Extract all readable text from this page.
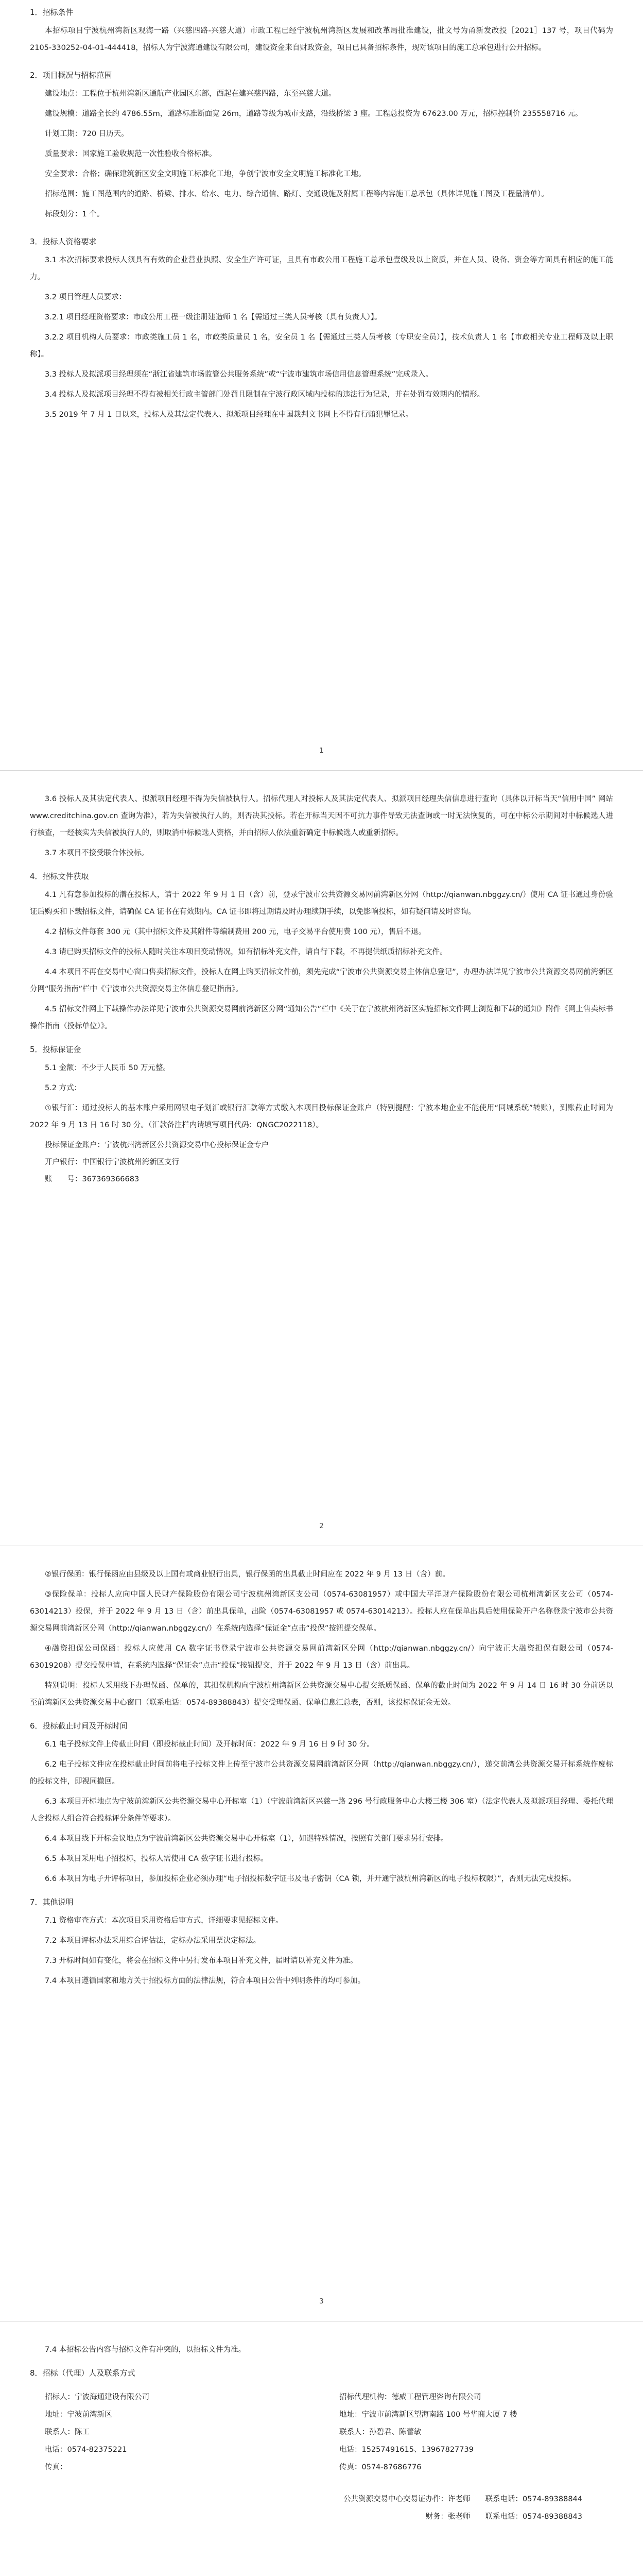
1．招标条件

本招标项目宁波杭州湾新区观海一路（兴慈四路-兴慈大道）市政工程已经宁波杭州湾新区发展和改革局批准建设，批文号为甬新发改投［2021］137 号，项目代码为 2105-330252-04-01-444418，招标人为宁波海通建设有限公司，建设资金来自财政资金，项目已具备招标条件，现对该项目的施工总承包进行公开招标。

2．项目概况与招标范围

建设地点：工程位于杭州湾新区通航产业园区东部，西起在建兴慈四路，东至兴慈大道。

建设规模：道路全长约 4786.55m，道路标准断面宽 26m，道路等级为城市支路，沿线桥梁 3 座。工程总投资为 67623.00 万元，招标控制价 235558716 元。

计划工期：720 日历天。

质量要求：国家施工验收规范一次性验收合格标准。

安全要求：合格；确保建筑新区安全文明施工标准化工地，争创宁波市安全文明施工标准化工地。

招标范围：施工图范围内的道路、桥梁、排水、给水、电力、综合通信、路灯、交通设施及附属工程等内容施工总承包（具体详见施工图及工程量清单）。

标段划分：1 个。

3．投标人资格要求

3.1 本次招标要求投标人须具有有效的企业营业执照、安全生产许可证，且具有市政公用工程施工总承包壹级及以上资质，并在人员、设备、资金等方面具有相应的施工能力。

3.2 项目管理人员要求：

3.2.1 项目经理资格要求：市政公用工程一级注册建造师 1 名【需通过三类人员考核（具有负责人）】。

3.2.2 项目机构人员要求：市政类施工员 1 名，市政类质量员 1 名，安全员 1 名【需通过三类人员考核（专职安全员）】，技术负责人 1 名【市政相关专业工程师及以上职称】。

3.3 投标人及拟派项目经理须在“浙江省建筑市场监管公共服务系统”或“宁波市建筑市场信用信息管理系统”完成录入。

3.4 投标人及拟派项目经理不得有被相关行政主管部门处罚且限制在宁波行政区域内投标的违法行为记录，并在处罚有效期内的情形。

3.5 2019 年 7 月 1 日以来，投标人及其法定代表人、拟派项目经理在中国裁判文书网上不得有行贿犯罪记录。

1

3.6 投标人及其法定代表人、拟派项目经理不得为失信被执行人。招标代理人对投标人及其法定代表人、拟派项目经理失信信息进行查询（具体以开标当天“信用中国” 网站 www.creditchina.gov.cn 查询为准），若为失信被执行人的，则否决其投标。若在开标当天因不可抗力事件导致无法查询或一时无法恢复的，可在中标公示期间对中标候选人进行核查，一经核实为失信被执行人的，则取消中标候选人资格，并由招标人依法重新确定中标候选人或重新招标。

3.7 本项目不接受联合体投标。

4．招标文件获取

4.1 凡有意参加投标的潜在投标人，请于 2022 年 9 月 1 日（含）前，登录宁波市公共资源交易网前湾新区分网（http://qianwan.nbggzy.cn/）使用 CA 证书通过身份验证后购买和下载招标文件，请确保 CA 证书在有效期内。CA 证书即将过期请及时办理续期手续，以免影响投标，如有疑问请及时咨询。

4.2 招标文件每套 300 元（其中招标文件及其附件等编制费用 200 元，电子交易平台使用费 100 元），售后不退。

4.3 请已购买招标文件的投标人随时关注本项目变动情况，如有招标补充文件，请自行下载，不再提供纸质招标补充文件。

4.4 本项目不再在交易中心窗口售卖招标文件，投标人在网上购买招标文件前，须先完成“宁波市公共资源交易主体信息登记”，办理办法详见宁波市公共资源交易网前湾新区分网“服务指南”栏中《宁波市公共资源交易主体信息登记指南》。

4.5 招标文件网上下载操作办法详见宁波市公共资源交易网前湾新区分网“通知公告”栏中《关于在宁波杭州湾新区实施招标文件网上浏览和下载的通知》附件《网上售卖标书操作指南（投标单位）》。

5．投标保证金

5.1 金额：不少于人民币 50 万元整。

5.2 方式：

①银行汇：通过投标人的基本账户采用网银电子划汇或银行汇款等方式缴入本项目投标保证金账户（特别提醒：宁波本地企业不能使用“同城系统”转账），到账截止时间为 2022 年 9 月 13 日 16 时 30 分。（汇款备注栏内请填写项目代码：QNGC2022118）。

投标保证金账户：宁波杭州湾新区公共资源交易中心投标保证金专户

开户银行：中国银行宁波杭州湾新区支行

账　　号：367369366683

2

②银行保函：银行保函应由县级及以上国有或商业银行出具，银行保函的出具截止时间应在 2022 年 9 月 13 日（含）前。

③保险保单：投标人应向中国人民财产保险股份有限公司宁波杭州湾新区支公司（0574-63081957）或中国大平洋财产保险股份有限公司杭州湾新区支公司（0574-63014213）投保，并于 2022 年 9 月 13 日（含）前出具保单，出险（0574-63081957 或 0574-63014213）。投标人应在保单出具后使用保险开户名称登录宁波市公共资源交易网前湾新区分网（http://qianwan.nbggzy.cn/）在系统内选择“保证金”点击“投保”按钮提交保单。

④融资担保公司保函：投标人应使用 CA 数字证书登录宁波市公共资源交易网前湾新区分网（http://qianwan.nbggzy.cn/）向宁波正大融资担保有限公司（0574-63019208）提交投保申请，在系统内选择“保证金”点击“投保”按钮提交，并于 2022 年 9 月 13 日（含）前出具。

特别说明：投标人采用线下办理保函、保单的，其担保机构向宁波杭州湾新区公共资源交易中心提交纸质保函、保单的截止时间为 2022 年 9 月 14 日 16 时 30 分前送以至前湾新区公共资源交易中心窗口（联系电话：0574-89388843）提交受理保函、保单信息汇总表，否则，该投标保证金无效。

6．投标截止时间及开标时间

6.1 电子投标文件上传截止时间（即投标截止时间）及开标时间：2022 年 9 月 16 日 9 时 30 分。

6.2 电子投标文件应在投标截止时间前将电子投标文件上传至宁波市公共资源交易网前湾新区分网（http://qianwan.nbggzy.cn/），递交前湾公共资源交易开标系统作废标的投标文件，即视同撤回。

6.3 本项目开标地点为宁波前湾新区公共资源交易中心开标室（1）（宁波前湾新区兴慈一路 296 号行政服务中心大楼三楼 306 室）（法定代表人及拟派项目经理、委托代理人含投标人组合符合投标评分条件等要求）。

6.4 本项目线下开标会议地点为宁波前湾新区公共资源交易中心开标室（1），如遇特殊情况，按照有关部门要求另行安排。

6.5 本项目采用电子招投标，投标人需使用 CA 数字证书进行投标。

6.6 本项目为电子开评标项目，参加投标企业必须办理“电子招投标数字证书及电子密钥（CA 锁，并开通宁波杭州湾新区的电子投标权限）”，否则无法完成投标。

7．其他说明

7.1 资格审查方式：本次项目采用资格后审方式，详细要求见招标文件。

7.2 本项目评标办法采用综合评估法，定标办法采用票决定标法。

7.3 开标时间如有变化，将会在招标文件中另行发布本项目补充文件，届时请以补充文件为准。

7.4 本项目遵循国家和地方关于招投标方面的法律法规，符合本项目公告中列明条件的均可参加。

3

7.4 本招标公告内容与招标文件有冲突的，以招标文件为准。

8．招标（代理）人及联系方式

招标人：宁波海通建设有限公司	招标代理机构：德威工程管理咨询有限公司
地址：宁波前湾新区	地址：宁波市前湾新区望海南路 100 号华商大厦 7 楼
联系人：陈工	联系人：孙碧君、陈蕾敏
电话：0574-82375221	电话：15257491615、13967827739
传真：	传真：0574-87686776
公共资源交易中心交易证办件：许老师　　联系电话：0574-89388844
财务：张老师　　联系电话：0574-89388843
